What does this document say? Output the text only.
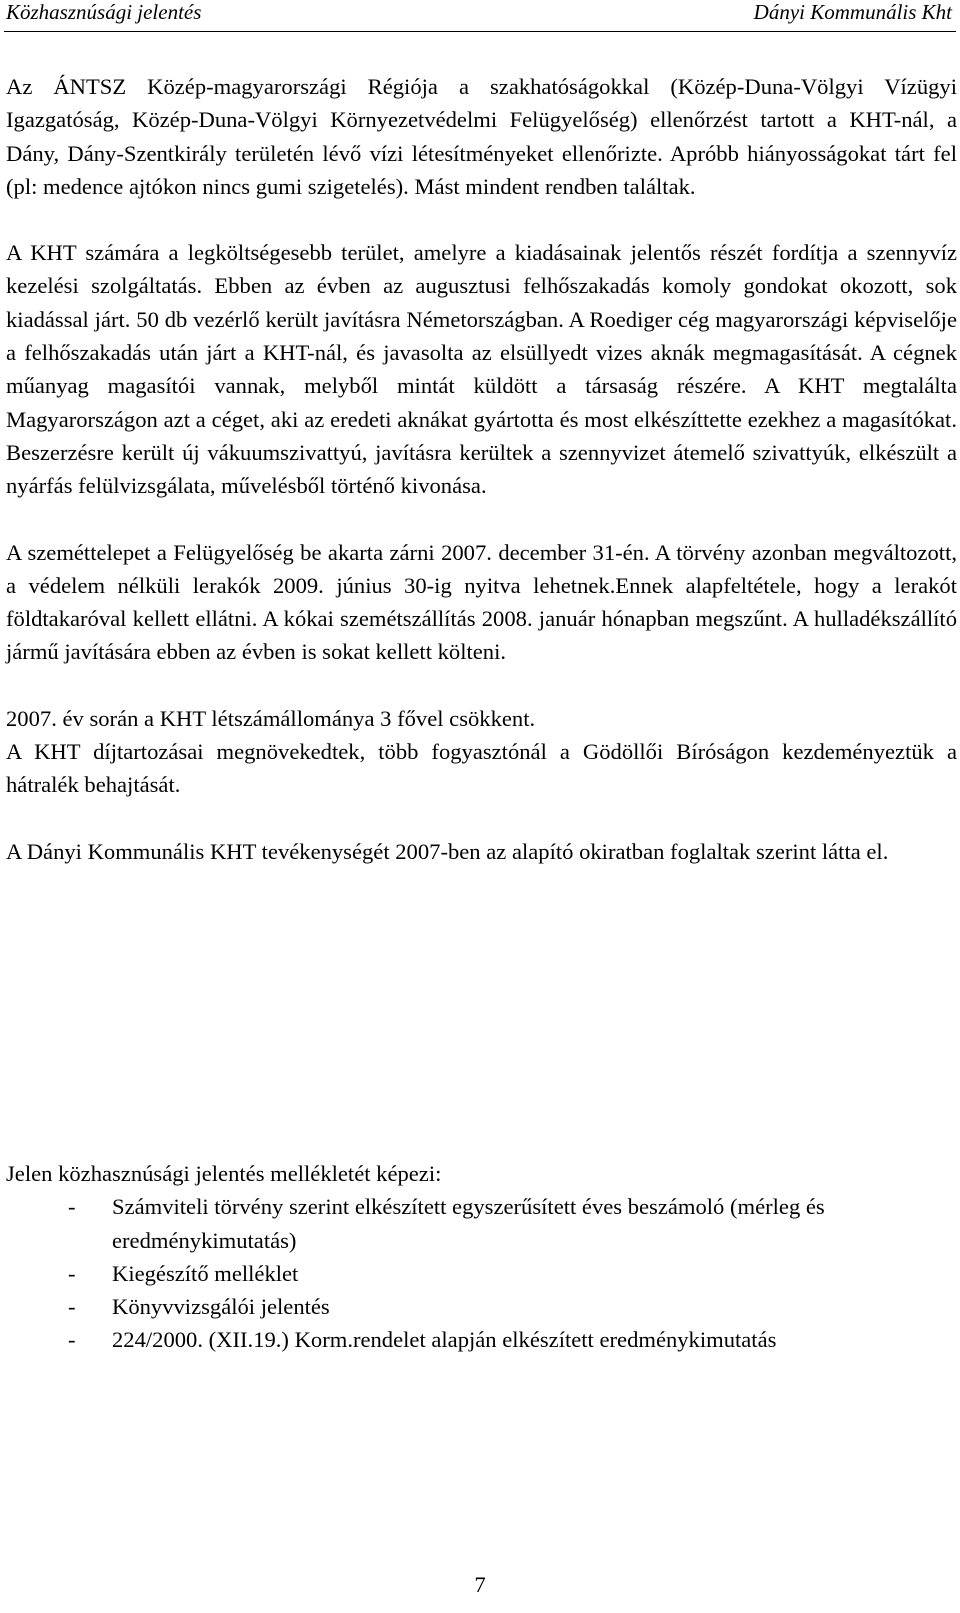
Közhasznúsági jelentés	Dányi Kommunális Kht

Az ÁNTSZ Közép-magyarországi Régiója a szakhatóságokkal (Közép-Duna-Völgyi Vízügyi Igazgatóság, Közép-Duna-Völgyi Környezetvédelmi Felügyelőség) ellenőrzést tartott a KHT-nál, a Dány, Dány-Szentkirály területén lévő vízi létesítményeket ellenőrizte. Apróbb hiányosságokat tárt fel (pl: medence ajtókon nincs gumi szigetelés). Mást mindent rendben találtak.

A KHT számára a legköltségesebb terület, amelyre a kiadásainak jelentős részét fordítja a szennyvíz kezelési szolgáltatás. Ebben az évben az augusztusi felhőszakadás komoly gondokat okozott, sok kiadással járt. 50 db vezérlő került javításra Németországban. A Roediger cég magyarországi képviselője a felhőszakadás után járt a KHT-nál, és javasolta az elsüllyedt vizes aknák megmagasítását. A cégnek műanyag magasítói vannak, melyből mintát küldött a társaság részére. A KHT megtalálta Magyarországon azt a céget, aki az eredeti aknákat gyártotta és most elkészíttette ezekhez a magasítókat. Beszerzésre került új vákuumszivattyú, javításra kerültek a szennyvizet átemelő szivattyúk, elkészült a nyárfás felülvizsgálata, művelésből történő kivonása.

A szeméttelepet a Felügyelőség be akarta zárni 2007. december 31-én. A törvény azonban megváltozott, a védelem nélküli lerakók 2009. június 30-ig nyitva lehetnek.Ennek alapfeltétele, hogy a lerakót földtakaróval kellett ellátni. A kókai szemétszállítás 2008. január hónapban megszűnt. A hulladékszállító jármű javítására ebben az évben is sokat kellett költeni.

2007. év során a KHT létszámállománya 3 fővel csökkent.

A KHT díjtartozásai megnövekedtek, több fogyasztónál a Gödöllői Bíróságon kezdeményeztük a hátralék behajtását.

A Dányi Kommunális KHT tevékenységét 2007-ben az alapító okiratban foglaltak szerint látta el.

Jelen közhasznúsági jelentés mellékletét képezi:
- Számviteli törvény szerint elkészített egyszerűsített éves beszámoló (mérleg és eredménykimutatás)
- Kiegészítő melléklet
- Könyvvizsgálói jelentés
- 224/2000. (XII.19.) Korm.rendelet alapján elkészített eredménykimutatás
7
